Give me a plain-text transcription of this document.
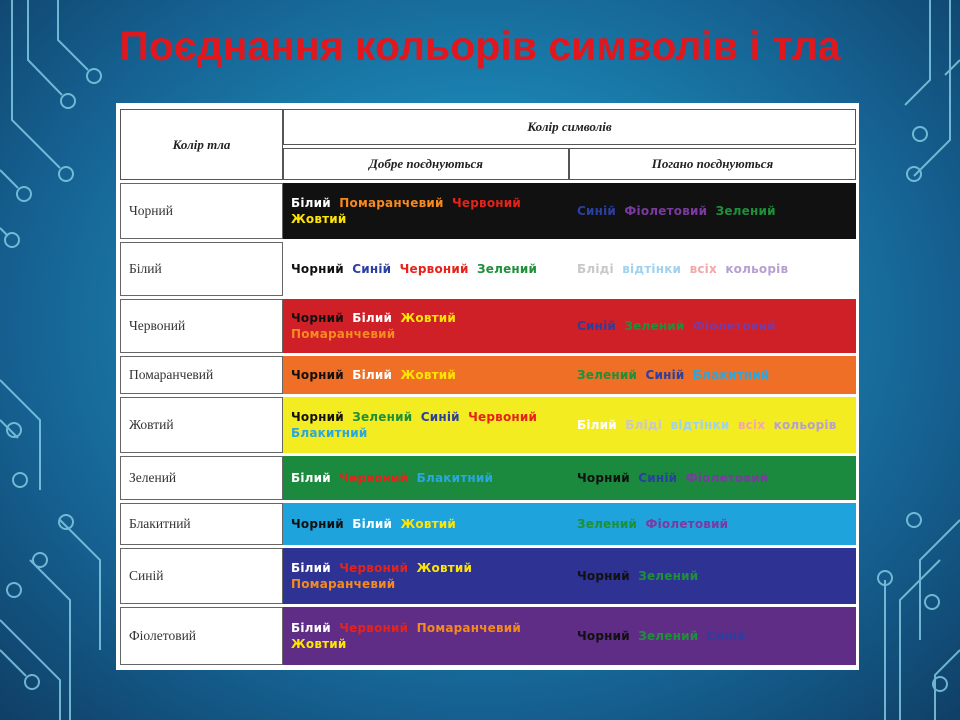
Поєднання кольорів символів і тла
Колір тла	Колір символів	
	Добре поєднуються	Погано поєднуються
Чорний	Білий Помаранчевий Червоний Жовтий	Синій Фіолетовий Зелений
Білий	Чорний Синій Червоний Зелений	Бліді відтінки всіх кольорів
Червоний	Чорний Білий Жовтий Помаранчевий	Синій Зелений Фіолетовий
Помаранчевий	Чорний Білий Жовтий	Зелений Синій Блакитний
Жовтий	Чорний Зелений Синій Червоний Блакитний	Білий Бліді відтінки всіх кольорів
Зелений	Білий Червоний Блакитний	Чорний Синій Фіолетовий
Блакитний	Чорний Білий Жовтий	Зелений Фіолетовий
Синій	Білий Червоний Жовтий Помаранчевий	Чорний Зелений
Фіолетовий	Білий Червоний Помаранчевий Жовтий	Чорний Зелений Синій
